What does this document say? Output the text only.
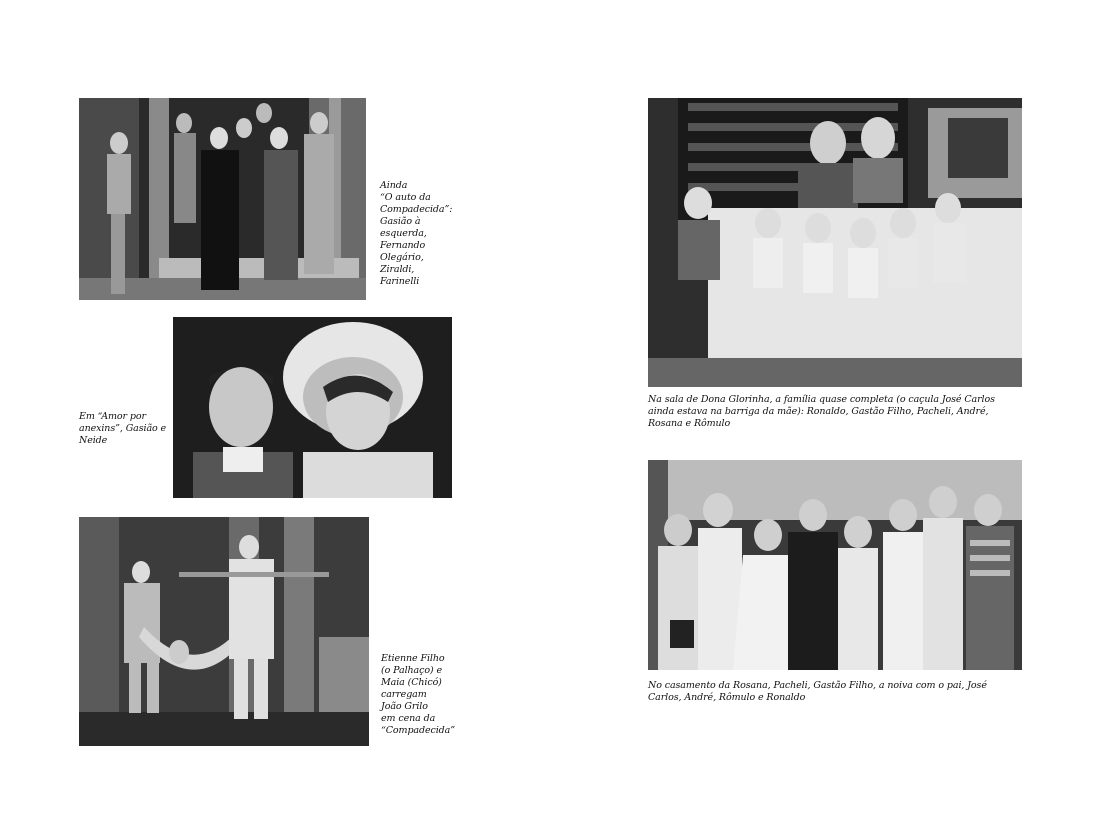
Ainda
“O auto da
Compadecida”:
Gasião à
esquerda,
Fernando
Olegário,
Ziraldi,
Farinelli
Em “Amor por
anexins”, Gasião e
Neide
Etienne Filho
(o Palhaço) e
Maia (Chicó)
carregam
João Grilo
em cena da
“Compadecida”
Na sala de Dona Glorinha, a família quase completa (o caçula José Carlos ainda estava na barriga da mãe): Ronaldo, Gastão Filho, Pacheli, André, Rosana e Rômulo
No casamento da Rosana, Pacheli, Gastão Filho, a noiva com o pai, José Carlos, André, Rômulo e Ronaldo
